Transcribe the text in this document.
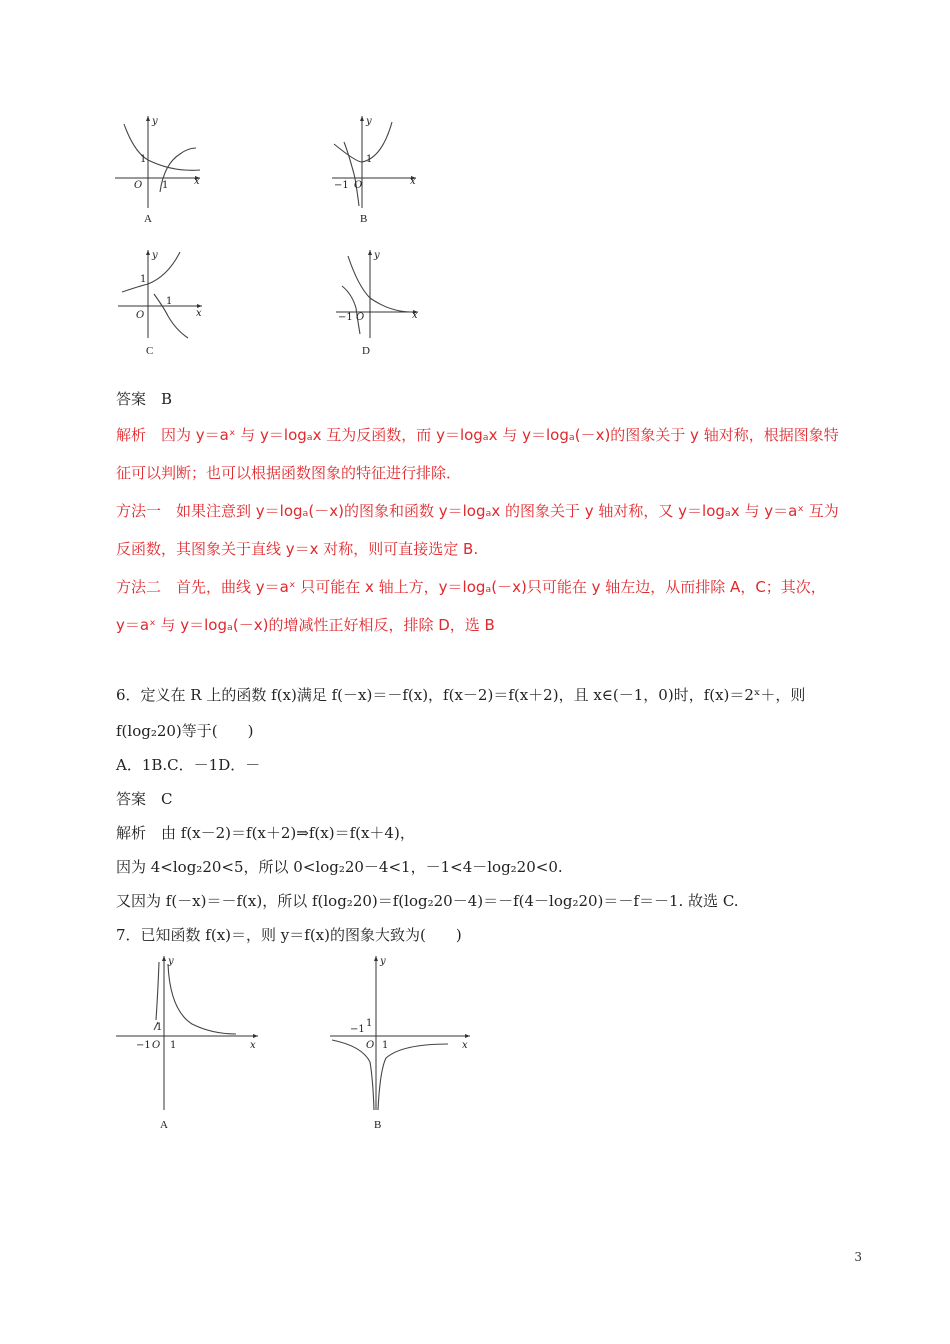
y
x
O
1
1
A
y
x
O
1
−1
B
y
x
O
1
1
C
y
x
O
−1
D
答案　B
解析　因为 y＝aˣ 与 y＝logₐx 互为反函数，而 y＝logₐx 与 y＝logₐ(－x)的图象关于 y 轴对称，根据图象特
征可以判断；也可以根据函数图象的特征进行排除．
方法一　如果注意到 y＝logₐ(－x)的图象和函数 y＝logₐx 的图象关于 y 轴对称，又 y＝logₐx 与 y＝aˣ 互为
反函数，其图象关于直线 y＝x 对称，则可直接选定 B.
方法二　首先，曲线 y＝aˣ 只可能在 x 轴上方，y＝logₐ(－x)只可能在 y 轴左边，从而排除 A，C；其次，
y＝aˣ 与 y＝logₐ(－x)的增减性正好相反，排除 D，选 B
6．定义在 R 上的函数 f(x)满足 f(－x)＝－f(x)，f(x－2)＝f(x＋2)，且 x∈(－1，0)时，f(x)＝2ˣ＋，则
f(log₂20)等于(　　)
A．1B.C．－1D．－
答案　C
解析　由 f(x－2)＝f(x＋2)⇒f(x)＝f(x＋4)，
因为 4<log₂20<5，所以 0<log₂20－4<1，－1<4－log₂20<0.
又因为 f(－x)＝－f(x)，所以 f(log₂20)＝f(log₂20－4)＝－f(4－log₂20)＝－f＝－1. 故选 C.
7．已知函数 f(x)＝，则 y＝f(x)的图象大致为(　　)
y
x
O
1
−1 1
A
y
x
O
1
−1
1
B
3
